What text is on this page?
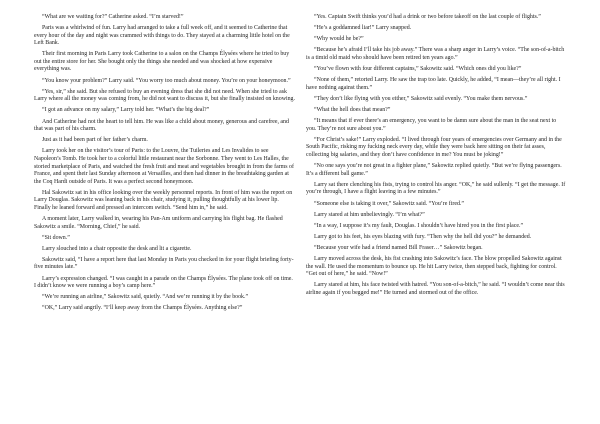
“What are we waiting for?” Catherine asked. “I’m starved!”

Paris was a whirlwind of fun. Larry had arranged to take a full week off, and it seemed to Catherine that every hour of the day and night was crammed with things to do. They stayed at a charming little hotel on the Left Bank.

Their first morning in Paris Larry took Catherine to a salon on the Champs Élysées where he tried to buy out the entire store for her. She bought only the things she needed and was shocked at how expensive everything was.

“You know your problem?” Larry said. “You worry too much about money. You’re on your honeymoon.”

“Yes, sir,” she said. But she refused to buy an evening dress that she did not need. When she tried to ask Larry where all the money was coming from, he did not want to discuss it, but she finally insisted on knowing.

“I got an advance on my salary,” Larry told her. “What’s the big deal?”

And Catherine had not the heart to tell him. He was like a child about money, generous and carefree, and that was part of his charm.

Just as it had been part of her father’s charm.

Larry took her on the visitor’s tour of Paris: to the Louvre, the Tuileries and Les Invalides to see Napoleon’s Tomb. He took her to a colorful little restaurant near the Sorbonne. They went to Les Halles, the storied marketplace of Paris, and watched the fresh fruit and meat and vegetables brought in from the farms of France, and spent their last Sunday afternoon at Versailles, and then had dinner in the breathtaking garden at the Coq Hardi outside of Paris. It was a perfect second honeymoon.

Hal Sakowitz sat in his office looking over the weekly personnel reports. In front of him was the report on Larry Douglas. Sakowitz was leaning back in his chair, studying it, pulling thoughtfully at his lower lip. Finally he leaned forward and pressed an intercom switch. “Send him in,” he said.

A moment later, Larry walked in, wearing his Pan-Am uniform and carrying his flight bag. He flashed Sakowitz a smile. “Morning, Chief,” he said.

“Sit down.”

Larry slouched into a chair opposite the desk and lit a cigarette.

Sakowitz said, “I have a report here that last Monday in Paris you checked in for your flight briefing forty-five minutes late.”

Larry’s expression changed. “I was caught in a parade on the Champs Élysées. The plane took off on time. I didn’t know we were running a boy’s camp here.”

“We’re running an airline,” Sakowitz said, quietly. “And we’re running it by the book.”

“OK,” Larry said angrily. “I’ll keep away from the Champs Élysées. Anything else?”

“Yes. Captain Swift thinks you’d had a drink or two before takeoff on the last couple of flights.”

“He’s a goddamned liar!” Larry snapped.

“Why would he be?”

“Because he’s afraid I’ll take his job away.” There was a sharp anger in Larry’s voice. “The son-of-a-bitch is a timid old maid who should have been retired ten years ago.”

“You’ve flown with four different captains,” Sakowitz said. “Which ones did you like?”

“None of them,” retorted Larry. He saw the trap too late. Quickly, he added, “I mean—they’re all right. I have nothing against them.”

“They don’t like flying with you either,” Sakowitz said evenly. “You make them nervous.”

“What the hell does that mean?”

“It means that if ever there’s an emergency, you want to be damn sure about the man in the seat next to you. They’re not sure about you.”

“For Christ’s sake!” Larry exploded. “I lived through four years of emergencies over Germany and in the South Pacific, risking my fucking neck every day, while they were back here sitting on their fat asses, collecting big salaries, and they don’t have confidence in me? You must be joking!”

“No one says you’re not great in a fighter plane,” Sakowitz replied quietly. “But we’re flying passengers. It’s a different ball game.”

Larry sat there clenching his fists, trying to control his anger. “OK,” he said sullenly. “I get the message. If you’re through, I have a flight leaving in a few minutes.”

“Someone else is taking it over,” Sakowitz said. “You’re fired.”

Larry stared at him unbelievingly. “I’m what?”

“In a way, I suppose it’s my fault, Douglas. I shouldn’t have hired you in the first place.”

Larry got to his feet, his eyes blazing with fury. “Then why the hell did you?” he demanded.

“Because your wife had a friend named Bill Fraser…” Sakowitz began.

Larry moved across the desk, his fist crashing into Sakowitz’s face. The blow propelled Sakowitz against the wall. He used the momentum to bounce up. He hit Larry twice, then stepped back, fighting for control. “Get out of here,” he said. “Now!”

Larry stared at him, his face twisted with hatred. “You son-of-a-bitch,” he said. “I wouldn’t come near this airline again if you begged me!” He turned and stormed out of the office.
